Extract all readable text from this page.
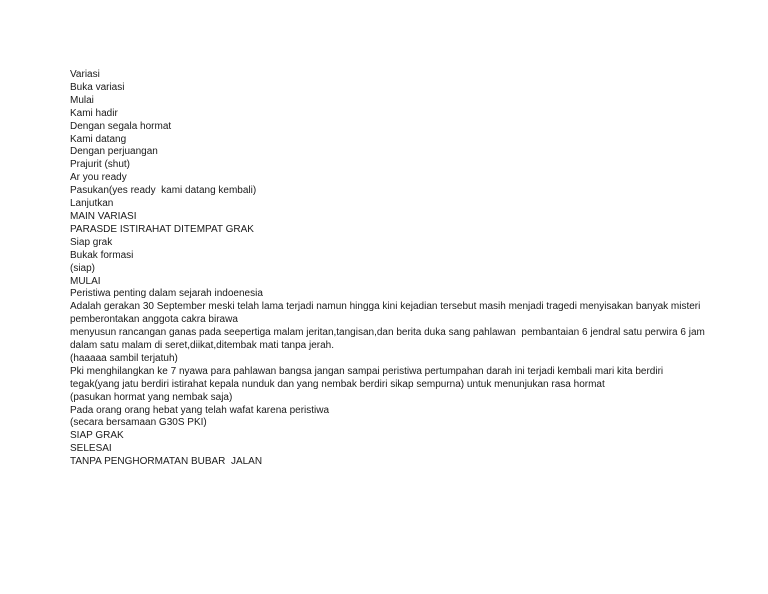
Variasi
Buka variasi
Mulai
Kami hadir
Dengan segala hormat
Kami datang
Dengan perjuangan
Prajurit (shut)
Ar you ready
Pasukan(yes ready  kami datang kembali)
Lanjutkan
MAIN VARIASI
PARASDE ISTIRAHAT DITEMPAT GRAK
Siap grak
Bukak formasi
(siap)
MULAI
Peristiwa penting dalam sejarah indoenesia
Adalah gerakan 30 September meski telah lama terjadi namun hingga kini kejadian tersebut masih menjadi tragedi menyisakan banyak misteri
pemberontakan anggota cakra birawa
menyusun rancangan ganas pada seepertiga malam jeritan,tangisan,dan berita duka sang pahlawan  pembantaian 6 jendral satu perwira 6 jam
dalam satu malam di seret,diikat,ditembak mati tanpa jerah.
(haaaaa sambil terjatuh)
Pki menghilangkan ke 7 nyawa para pahlawan bangsa jangan sampai peristiwa pertumpahan darah ini terjadi kembali mari kita berdiri
tegak(yang jatu berdiri istirahat kepala nunduk dan yang nembak berdiri sikap sempurna) untuk menunjukan rasa hormat
(pasukan hormat yang nembak saja)
Pada orang orang hebat yang telah wafat karena peristiwa
(secara bersamaan G30S PKI)
SIAP GRAK
SELESAI
TANPA PENGHORMATAN BUBAR  JALAN
